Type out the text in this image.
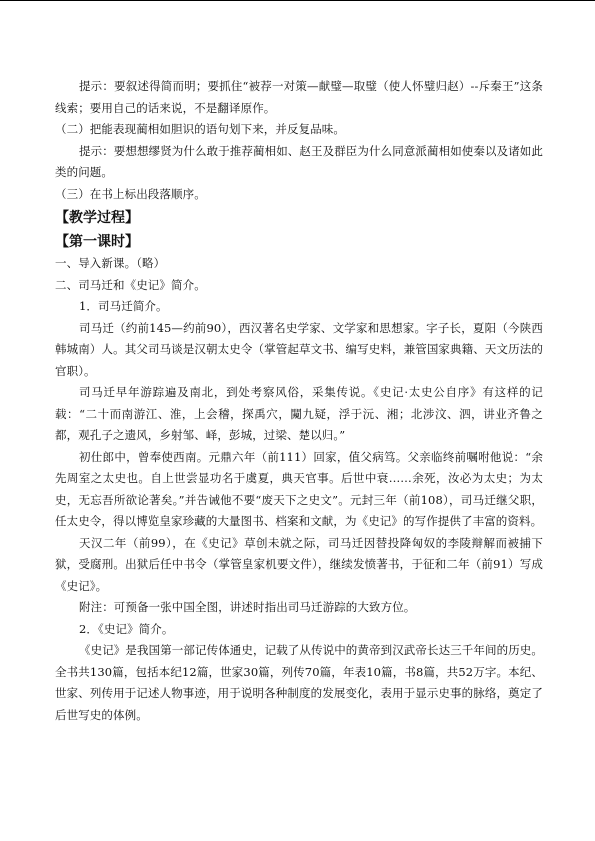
提示：要叙述得简而明；要抓住“被荐一对策—献璧—取璧（使人怀璧归赵）--斥秦王”这条线索；要用自己的话来说，不是翻译原作。

（二）把能表现蔺相如胆识的语句划下来，并反复品味。

提示：要想想缪贤为什么敢于推荐蔺相如、赵王及群臣为什么同意派蔺相如使秦以及诸如此类的问题。

（三）在书上标出段落顺序。

【教学过程】

【第一课时】

一、导入新课。（略）

二、司马迁和《史记》简介。

1．司马迁简介。

司马迁（约前145—约前90），西汉著名史学家、文学家和思想家。字子长，夏阳（今陕西韩城南）人。其父司马谈是汉朝太史令（掌管起草文书、编写史料，兼管国家典籍、天文历法的官职）。

司马迁早年游踪遍及南北，到处考察风俗，采集传说。《史记·太史公自序》有这样的记载：“二十而南游江、淮，上会稽，探禹穴，闚九疑，浮于沅、湘；北涉汶、泗，讲业齐鲁之都，观孔子之遗风，乡射邹、峄，彭城，过梁、楚以归。”

初仕郎中，曾奉使西南。元鼎六年（前111）回家，值父病笃。父亲临终前嘱咐他说：“余先周室之太史也。自上世尝显功名于虞夏，典天官事。后世中衰……余死，汝必为太史；为太史，无忘吾所欲论著矣。”并告诫他不要“废天下之史文”。元封三年（前108），司马迁继父职，任太史令，得以博览皇家珍藏的大量图书、档案和文献，为《史记》的写作提供了丰富的资料。

天汉二年（前99），在《史记》草创未就之际，司马迁因替投降匈奴的李陵辩解而被捕下狱，受腐刑。出狱后任中书令（掌管皇家机要文件），继续发愤著书，于征和二年（前91）写成《史记》。

附注：可预备一张中国全图，讲述时指出司马迁游踪的大致方位。

2．《史记》简介。

《史记》是我国第一部记传体通史，记载了从传说中的黄帝到汉武帝长达三千年间的历史。全书共130篇，包括本纪12篇，世家30篇，列传70篇，年表10篇，书8篇，共52万字。本纪、世家、列传用于记述人物事迹，用于说明各种制度的发展变化，表用于显示史事的脉络，奠定了后世写史的体例。
